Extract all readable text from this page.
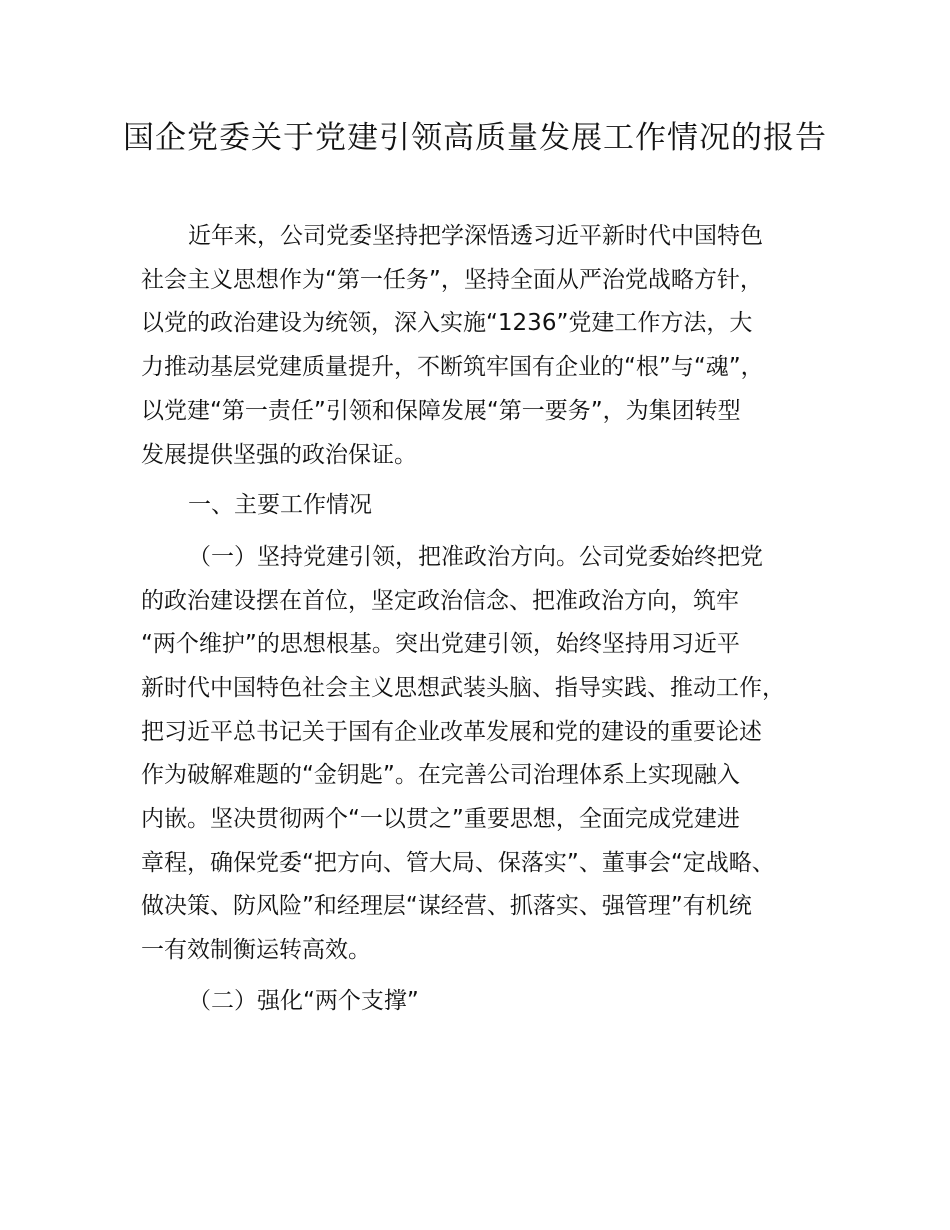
国企党委关于党建引领高质量发展工作情况的报告

近年来，公司党委坚持把学深悟透习近平新时代中国特色

社会主义思想作为“第一任务”，坚持全面从严治党战略方针，

以党的政治建设为统领，深入实施“1236”党建工作方法，大

力推动基层党建质量提升，不断筑牢国有企业的“根”与“魂”，

以党建“第一责任”引领和保障发展“第一要务”，为集团转型

发展提供坚强的政治保证。

一、主要工作情况

（一）坚持党建引领，把准政治方向。公司党委始终把党

的政治建设摆在首位，坚定政治信念、把准政治方向，筑牢

“两个维护”的思想根基。突出党建引领，始终坚持用习近平

新时代中国特色社会主义思想武装头脑、指导实践、推动工作，

把习近平总书记关于国有企业改革发展和党的建设的重要论述

作为破解难题的“金钥匙”。在完善公司治理体系上实现融入

内嵌。坚决贯彻两个“一以贯之”重要思想，全面完成党建进

章程，确保党委“把方向、管大局、保落实”、董事会“定战略、

做决策、防风险”和经理层“谋经营、抓落实、强管理”有机统

一有效制衡运转高效。

（二）强化“两个支撑”
